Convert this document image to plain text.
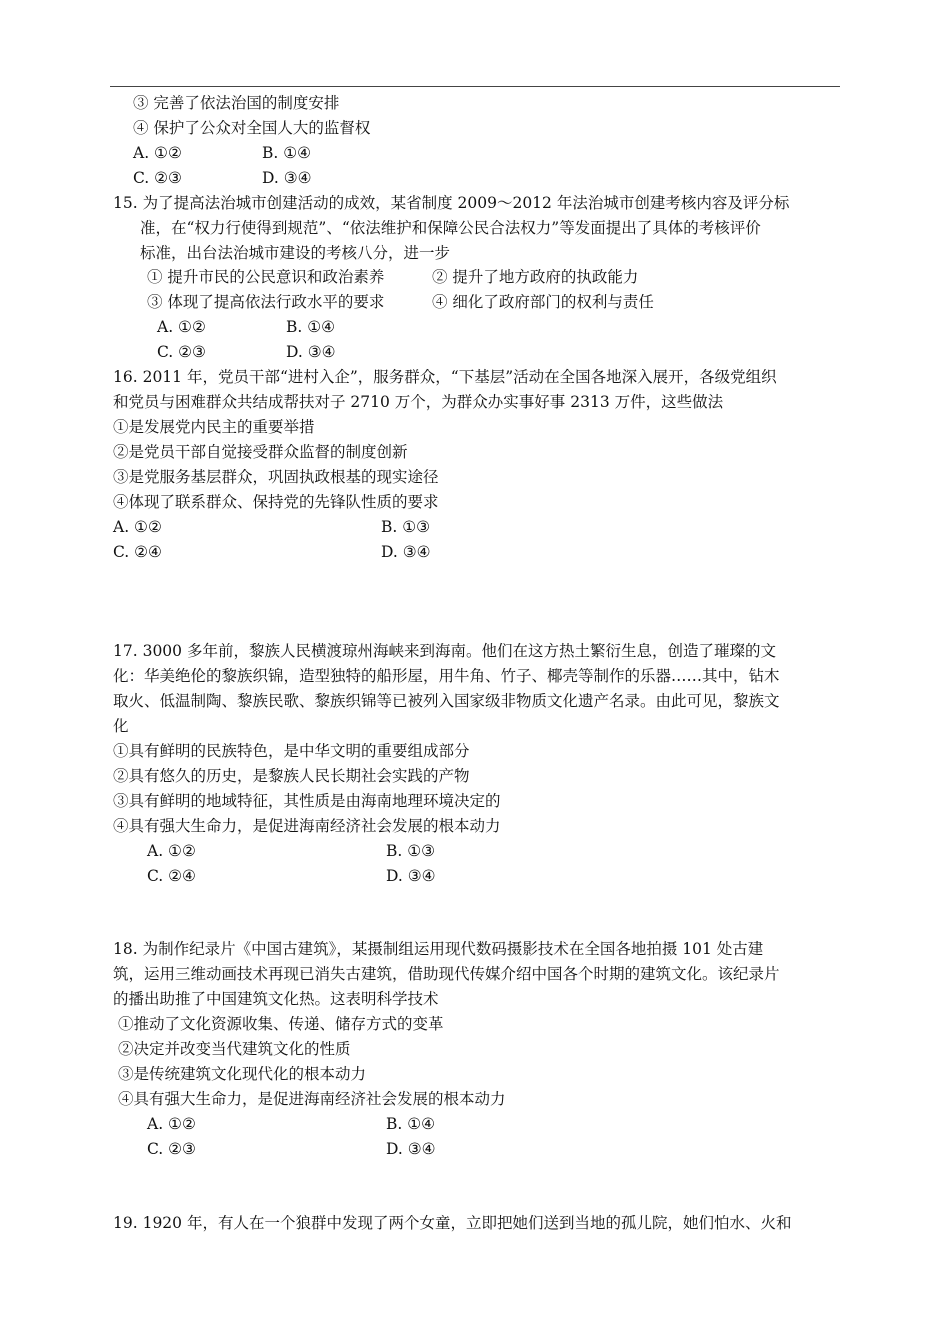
③ 完善了依法治国的制度安排
④ 保护了公众对全国人大的监督权
A. ①②	B. ①④
C. ②③	D. ③④
15. 为了提高法治城市创建活动的成效，某省制度 2009～2012 年法治城市创建考核内容及评分标
准，在“权力行使得到规范”、“依法维护和保障公民合法权力”等发面提出了具体的考核评价
标准，出台法治城市建设的考核八分，进一步
① 提升市民的公民意识和政治素养	② 提升了地方政府的执政能力
③ 体现了提高依法行政水平的要求	④ 细化了政府部门的权利与责任
A. ①②	B. ①④
C. ②③	D. ③④
16. 2011 年，党员干部“进村入企”，服务群众，“下基层”活动在全国各地深入展开，各级党组织
和党员与困难群众共结成帮扶对子 2710 万个，为群众办实事好事 2313 万件，这些做法
①是发展党内民主的重要举措
②是党员干部自觉接受群众监督的制度创新
③是党服务基层群众，巩固执政根基的现实途径
④体现了联系群众、保持党的先锋队性质的要求
A. ①②	B. ①③
C. ②④	D. ③④
17. 3000 多年前，黎族人民横渡琼州海峡来到海南。他们在这方热土繁衍生息，创造了璀璨的文
化：华美绝伦的黎族织锦，造型独特的船形屋，用牛角、竹子、椰壳等制作的乐器……其中，钻木
取火、低温制陶、黎族民歌、黎族织锦等已被列入国家级非物质文化遗产名录。由此可见，黎族文
化
①具有鲜明的民族特色，是中华文明的重要组成部分
②具有悠久的历史，是黎族人民长期社会实践的产物
③具有鲜明的地域特征，其性质是由海南地理环境决定的
④具有强大生命力，是促进海南经济社会发展的根本动力
A. ①②	B. ①③
C. ②④	D. ③④
18. 为制作纪录片《中国古建筑》，某摄制组运用现代数码摄影技术在全国各地拍摄 101 处古建
筑，运用三维动画技术再现已消失古建筑，借助现代传媒介绍中国各个时期的建筑文化。该纪录片
的播出助推了中国建筑文化热。这表明科学技术
①推动了文化资源收集、传递、储存方式的变革
②决定并改变当代建筑文化的性质
③是传统建筑文化现代化的根本动力
④具有强大生命力，是促进海南经济社会发展的根本动力
A. ①②	B. ①④
C. ②③	D. ③④
19. 1920 年，有人在一个狼群中发现了两个女童，立即把她们送到当地的孤儿院，她们怕水、火和
